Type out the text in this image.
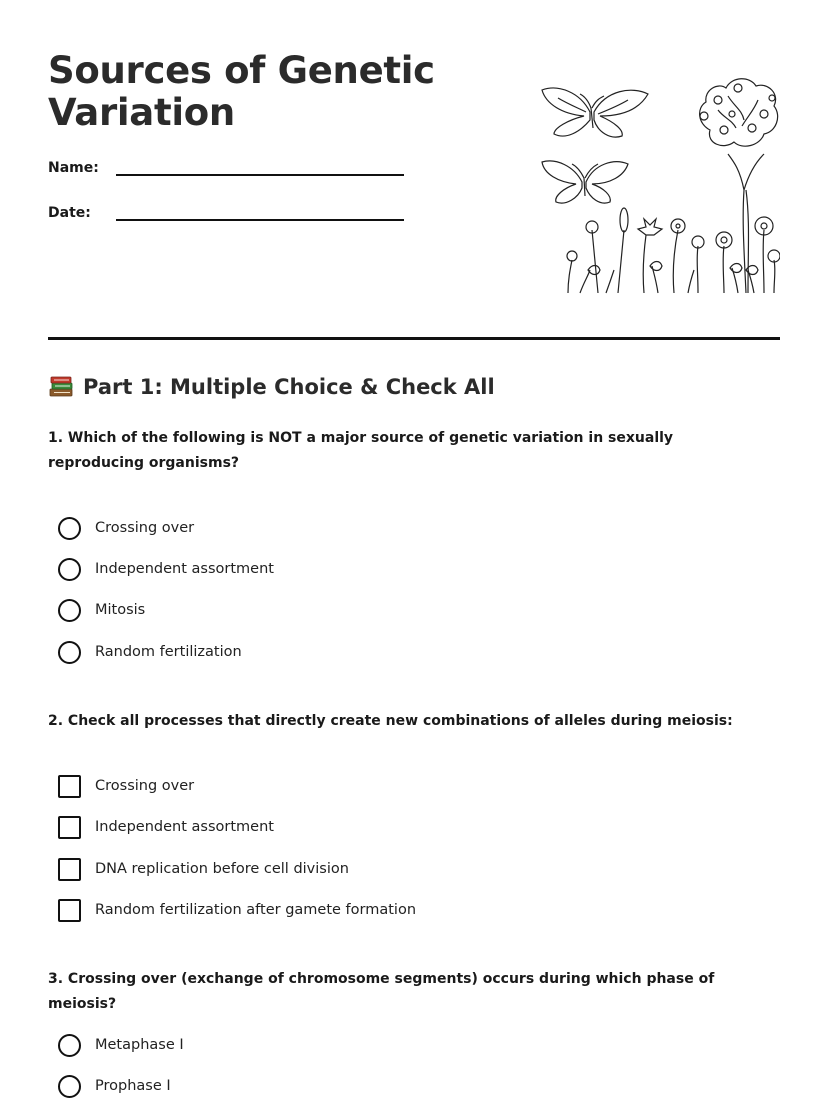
Sources of Genetic Variation
Name:
Date:
Part 1: Multiple Choice & Check All

1. Which of the following is NOT a major source of genetic variation in sexually reproducing organisms?

Crossing over
Independent assortment
Mitosis
Random fertilization

2. Check all processes that directly create new combinations of alleles during meiosis:

Crossing over
Independent assortment
DNA replication before cell division
Random fertilization after gamete formation

3. Crossing over (exchange of chromosome segments) occurs during which phase of meiosis?

Metaphase I
Prophase I
